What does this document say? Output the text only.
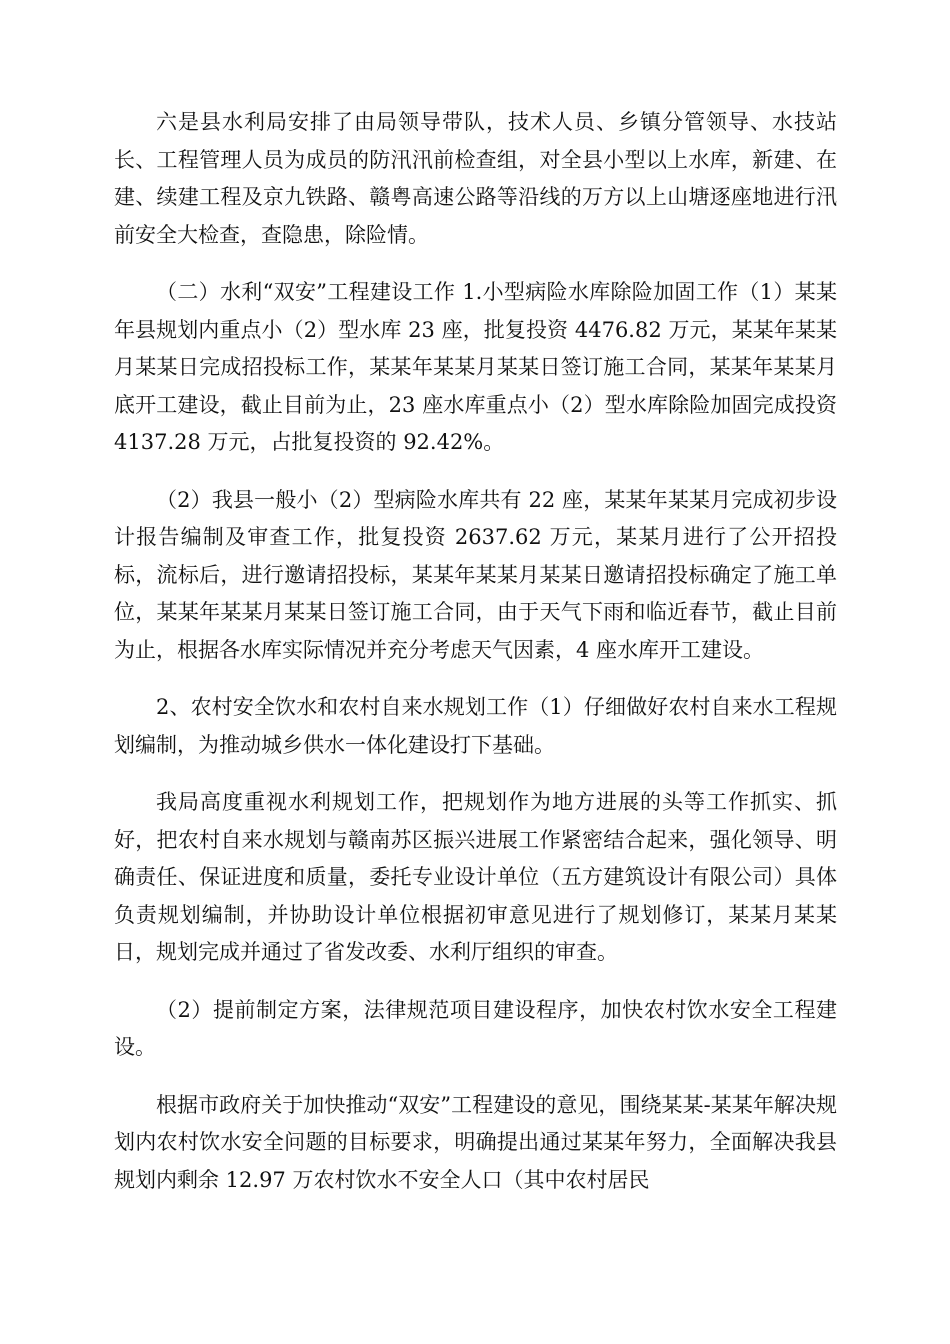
六是县水利局安排了由局领导带队，技术人员、乡镇分管领导、水技站长、工程管理人员为成员的防汛汛前检查组，对全县小型以上水库，新建、在建、续建工程及京九铁路、赣粤高速公路等沿线的万方以上山塘逐座地进行汛前安全大检查，查隐患，除险情。

（二）水利“双安”工程建设工作 1.小型病险水库除险加固工作（1）某某年县规划内重点小（2）型水库 23 座，批复投资 4476.82 万元，某某年某某月某某日完成招投标工作，某某年某某月某某日签订施工合同，某某年某某月底开工建设，截止目前为止，23 座水库重点小（2）型水库除险加固完成投资 4137.28 万元，占批复投资的 92.42%。

（2）我县一般小（2）型病险水库共有 22 座，某某年某某月完成初步设计报告编制及审查工作，批复投资 2637.62 万元，某某月进行了公开招投标，流标后，进行邀请招投标，某某年某某月某某日邀请招投标确定了施工单位，某某年某某月某某日签订施工合同，由于天气下雨和临近春节，截止目前为止，根据各水库实际情况并充分考虑天气因素，4 座水库开工建设。

2、农村安全饮水和农村自来水规划工作（1）仔细做好农村自来水工程规划编制，为推动城乡供水一体化建设打下基础。

我局高度重视水利规划工作，把规划作为地方进展的头等工作抓实、抓好，把农村自来水规划与赣南苏区振兴进展工作紧密结合起来，强化领导、明确责任、保证进度和质量，委托专业设计单位（五方建筑设计有限公司）具体负责规划编制，并协助设计单位根据初审意见进行了规划修订，某某月某某日，规划完成并通过了省发改委、水利厅组织的审查。

（2）提前制定方案，法律规范项目建设程序，加快农村饮水安全工程建设。

根据市政府关于加快推动“双安”工程建设的意见，围绕某某-某某年解决规划内农村饮水安全问题的目标要求，明确提出通过某某年努力，全面解决我县规划内剩余 12.97 万农村饮水不安全人口（其中农村居民
